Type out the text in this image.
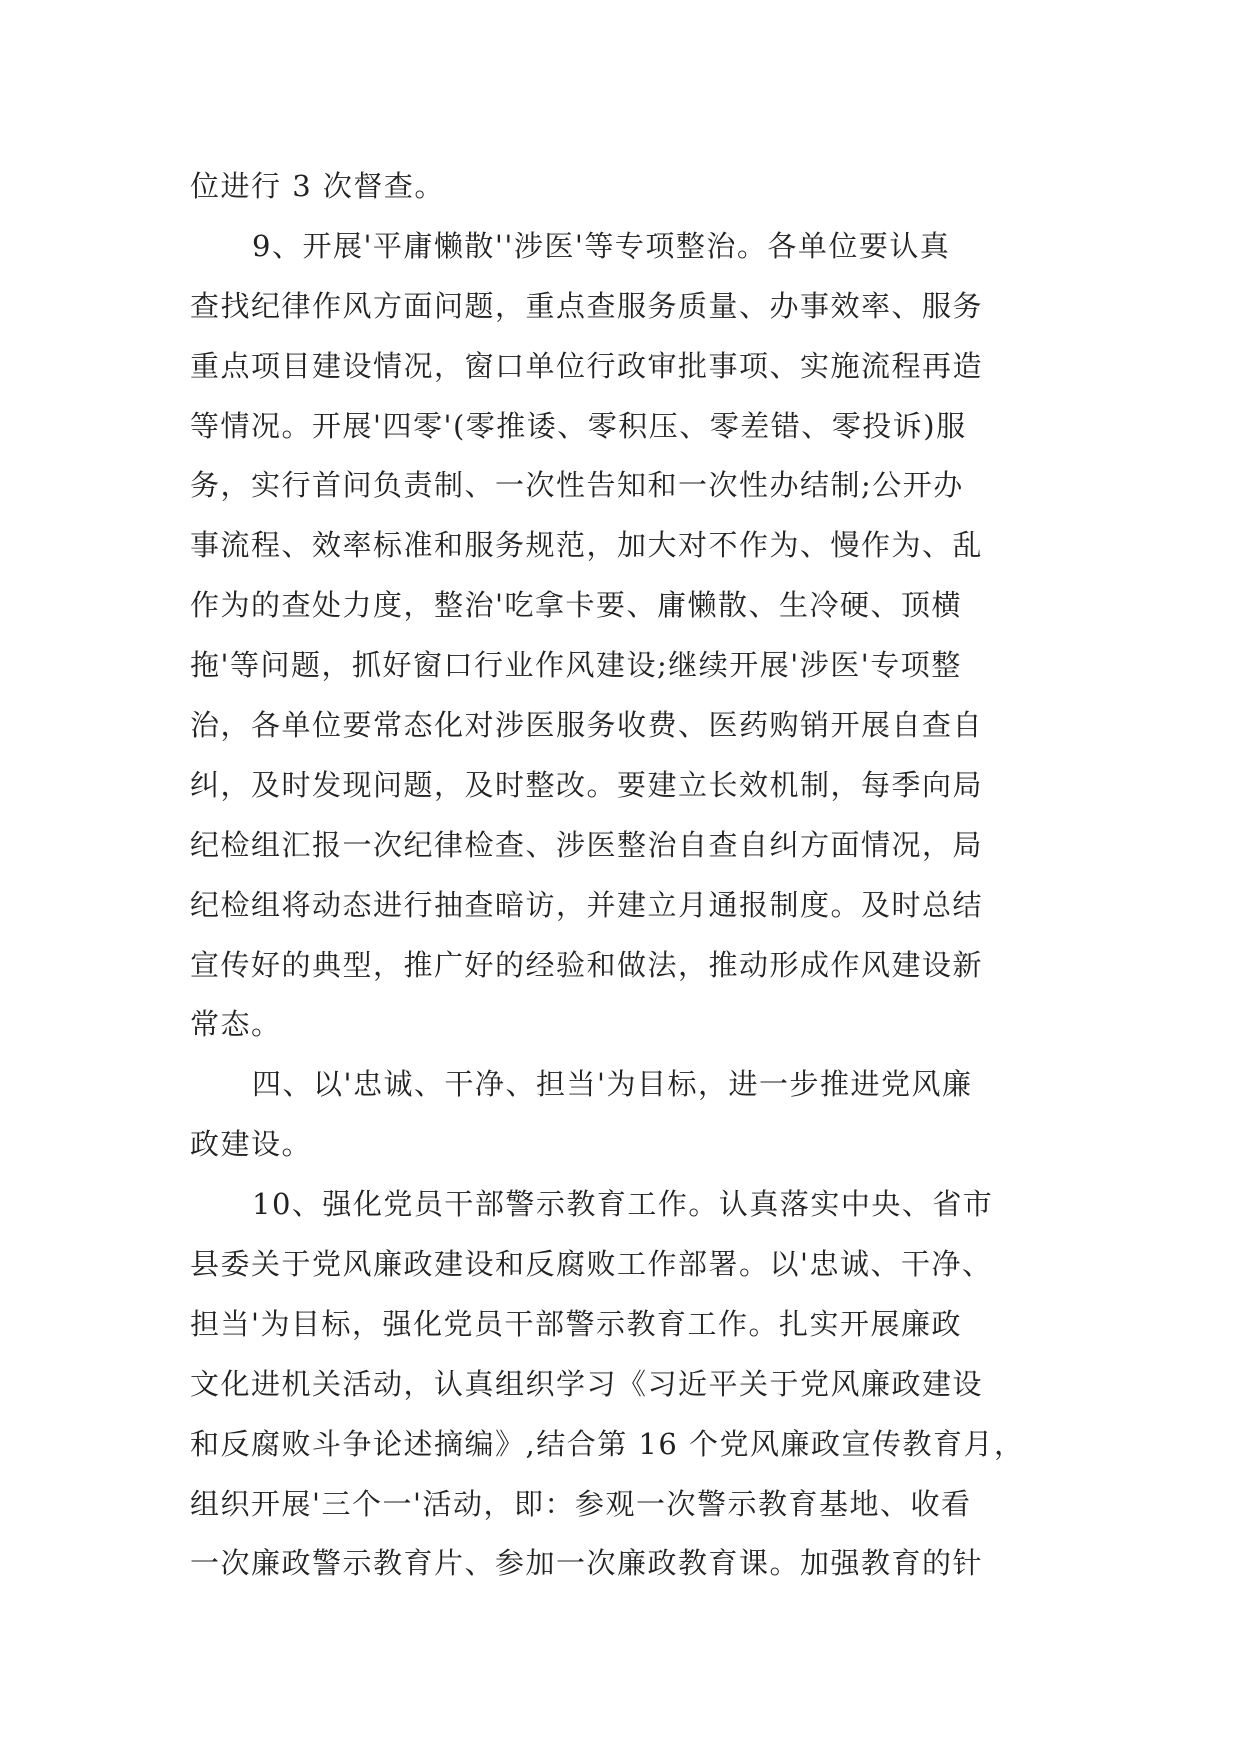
位进行 3 次督查。
9、开展'平庸懒散''涉医'等专项整治。各单位要认真
查找纪律作风方面问题，重点查服务质量、办事效率、服务
重点项目建设情况，窗口单位行政审批事项、实施流程再造
等情况。开展'四零'(零推诿、零积压、零差错、零投诉)服
务，实行首问负责制、一次性告知和一次性办结制;公开办
事流程、效率标准和服务规范，加大对不作为、慢作为、乱
作为的查处力度，整治'吃拿卡要、庸懒散、生冷硬、顶横
拖'等问题，抓好窗口行业作风建设;继续开展'涉医'专项整
治，各单位要常态化对涉医服务收费、医药购销开展自查自
纠，及时发现问题，及时整改。要建立长效机制，每季向局
纪检组汇报一次纪律检查、涉医整治自查自纠方面情况，局
纪检组将动态进行抽查暗访，并建立月通报制度。及时总结
宣传好的典型，推广好的经验和做法，推动形成作风建设新
常态。
四、以'忠诚、干净、担当'为目标，进一步推进党风廉
政建设。
10、强化党员干部警示教育工作。认真落实中央、省市
县委关于党风廉政建设和反腐败工作部署。以'忠诚、干净、
担当'为目标，强化党员干部警示教育工作。扎实开展廉政
文化进机关活动，认真组织学习《习近平关于党风廉政建设
和反腐败斗争论述摘编》,结合第 16 个党风廉政宣传教育月，
组织开展'三个一'活动，即：参观一次警示教育基地、收看
一次廉政警示教育片、参加一次廉政教育课。加强教育的针
